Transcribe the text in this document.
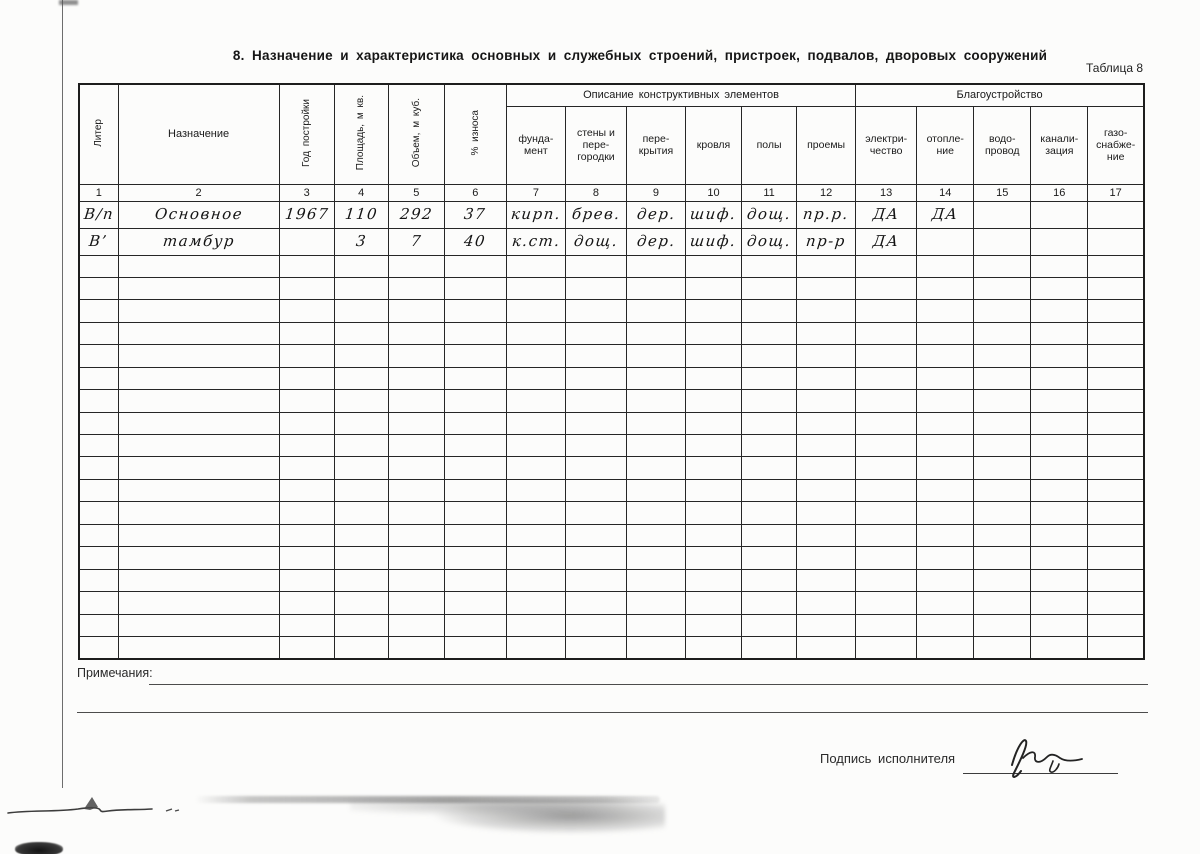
8. Назначение и характеристика основных и служебных строений, пристроек, подвалов, дворовых сооружений
Таблица 8
Литер	Назначение	Год постройки	Площадь, м кв.	Объем, м куб.	% износа	Описание конструктивных элементов						Благоустройство				
						фунда- мент	стены и пере- городки	пере- крытия	кровля	полы	проемы	электри- чество	отопле- ние	водо- провод	канали- зация	газо- снабже- ние
1	2	3	4	5	6	7	8	9	10	11	12	13	14	15	16	17
В/п	Основное	1967	110	292	37	кирп.	брев.	дер.	шиф.	дощ.	пр.р.	ДА	ДА			
В’	тамбур		3	7	40	к.ст.	дощ.	дер.	шиф.	дощ.	пр-р	ДА				

Примечания:
Подпись исполнителя
